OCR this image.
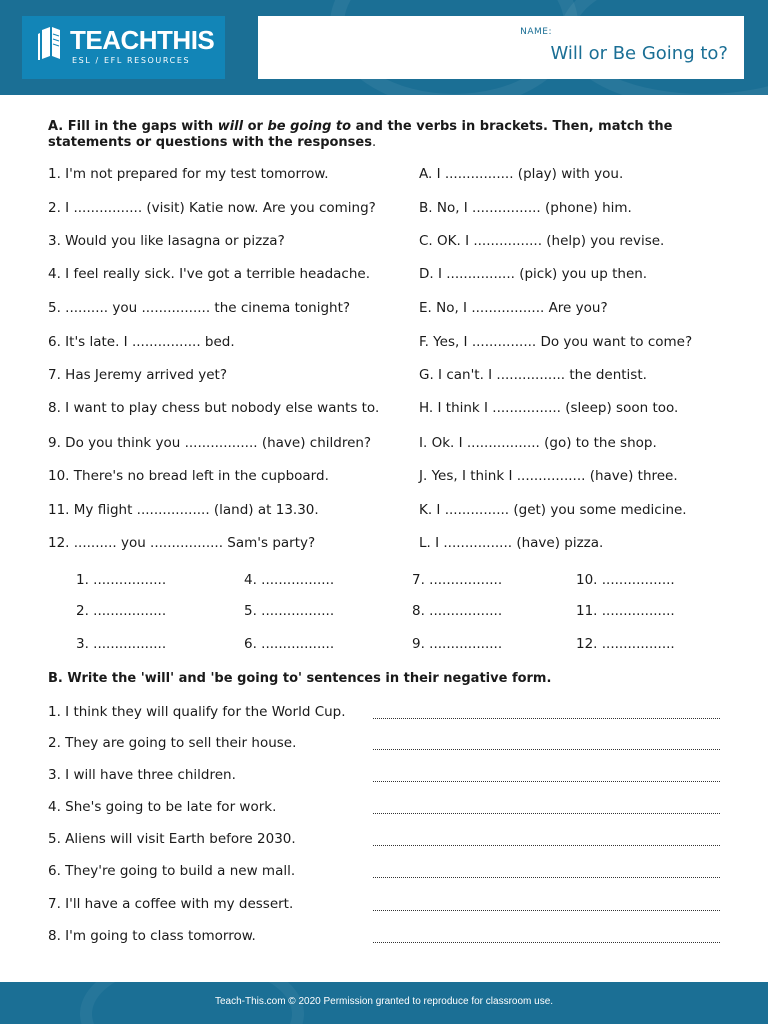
TEACHTHIS
ESL / EFL RESOURCES
NAME:
Will or Be Going to?
A. Fill in the gaps with will or be going to and the verbs in brackets. Then, match the statements or questions with the responses.
1. I'm not prepared for my test tomorrow.
2. I ................ (visit) Katie now. Are you coming?
3. Would you like lasagna or pizza?
4. I feel really sick. I've got a terrible headache.
5. .......... you ................ the cinema tonight?
6. It's late. I ................ bed.
7. Has Jeremy arrived yet?
8. I want to play chess but nobody else wants to.
9. Do you think you ................. (have) children?
10. There's no bread left in the cupboard.
11. My flight ................. (land) at 13.30.
12. .......... you ................. Sam's party?
A. I ................ (play) with you.
B. No, I ................ (phone) him.
C. OK. I ................ (help) you revise.
D. I ................ (pick) you up then.
E. No, I ................. Are you?
F. Yes, I ............... Do you want to come?
G. I can't. I ................ the dentist.
H. I think I ................ (sleep) soon too.
I. Ok. I ................. (go) to the shop.
J. Yes, I think I ................ (have) three.
K. I ............... (get) you some medicine.
L. I ................ (have) pizza.
1. .................	4. .................	7. .................	10. .................
2. .................	5. .................	8. .................	11. .................
3. .................	6. .................	9. .................	12. .................
B. Write the 'will' and 'be going to' sentences in their negative form.
1. I think they will qualify for the World Cup.
2. They are going to sell their house.
3. I will have three children.
4. She's going to be late for work.
5. Aliens will visit Earth before 2030.
6. They're going to build a new mall.
7. I'll have a coffee with my dessert.
8. I'm going to class tomorrow.
Teach-This.com © 2020 Permission granted to reproduce for classroom use.
